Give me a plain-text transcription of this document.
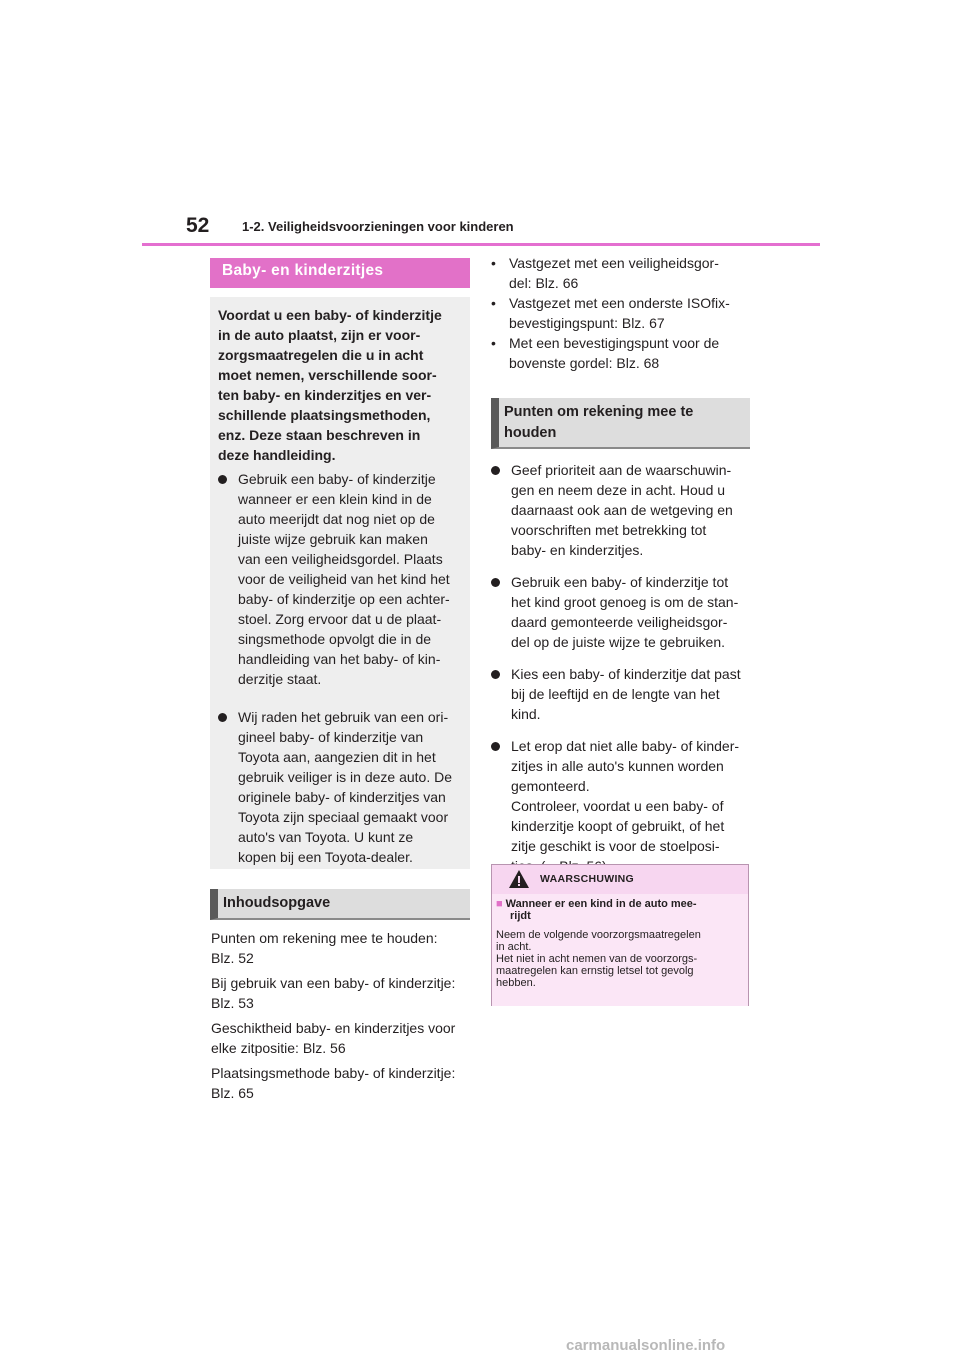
52	1-2. Veiligheidsvoorzieningen voor kinderen
Baby- en kinderzitjes
Voordat u een baby- of kinderzitje
in de auto plaatst, zijn er voor-
zorgsmaatregelen die u in acht
moet nemen, verschillende soor-
ten baby- en kinderzitjes en ver-
schillende plaatsingsmethoden,
enz. Deze staan beschreven in
deze handleiding.
Gebruik een baby- of kinderzitje
wanneer er een klein kind in de
auto meerijdt dat nog niet op de
juiste wijze gebruik kan maken
van een veiligheidsgordel. Plaats
voor de veiligheid van het kind het
baby- of kinderzitje op een achter-
stoel. Zorg ervoor dat u de plaat-
singsmethode opvolgt die in de
handleiding van het baby- of kin-
derzitje staat.
Wij raden het gebruik van een ori-
gineel baby- of kinderzitje van
Toyota aan, aangezien dit in het
gebruik veiliger is in deze auto. De
originele baby- of kinderzitjes van
Toyota zijn speciaal gemaakt voor
auto's van Toyota. U kunt ze
kopen bij een Toyota-dealer.
Inhoudsopgave
Punten om rekening mee te houden:
Blz. 52
Bij gebruik van een baby- of kinderzitje:
Blz. 53
Geschiktheid baby- en kinderzitjes voor
elke zitpositie: Blz. 56
Plaatsingsmethode baby- of kinderzitje:
Blz. 65
• Vastgezet met een veiligheidsgor-
del: Blz. 66
• Vastgezet met een onderste ISOfix-
bevestigingspunt: Blz. 67
• Met een bevestigingspunt voor de
bovenste gordel: Blz. 68
Punten om rekening mee te
houden
Geef prioriteit aan de waarschuwin-
gen en neem deze in acht. Houd u
daarnaast ook aan de wetgeving en
voorschriften met betrekking tot
baby- en kinderzitjes.
Gebruik een baby- of kinderzitje tot
het kind groot genoeg is om de stan-
daard gemonteerde veiligheidsgor-
del op de juiste wijze te gebruiken.
Kies een baby- of kinderzitje dat past
bij de leeftijd en de lengte van het
kind.
Let erop dat niet alle baby- of kinder-
zitjes in alle auto's kunnen worden
gemonteerd.
Controleer, voordat u een baby- of
kinderzitje koopt of gebruikt, of het
zitje geschikt is voor de stoelposi-
WAARSCHUWING
■ Wanneer er een kind in de auto mee-
rijdt
Neem de volgende voorzorgsmaatregelen
in acht.
Het niet in acht nemen van de voorzorgs-
maatregelen kan ernstig letsel tot gevolg
hebben.
carmanualsonline.info
